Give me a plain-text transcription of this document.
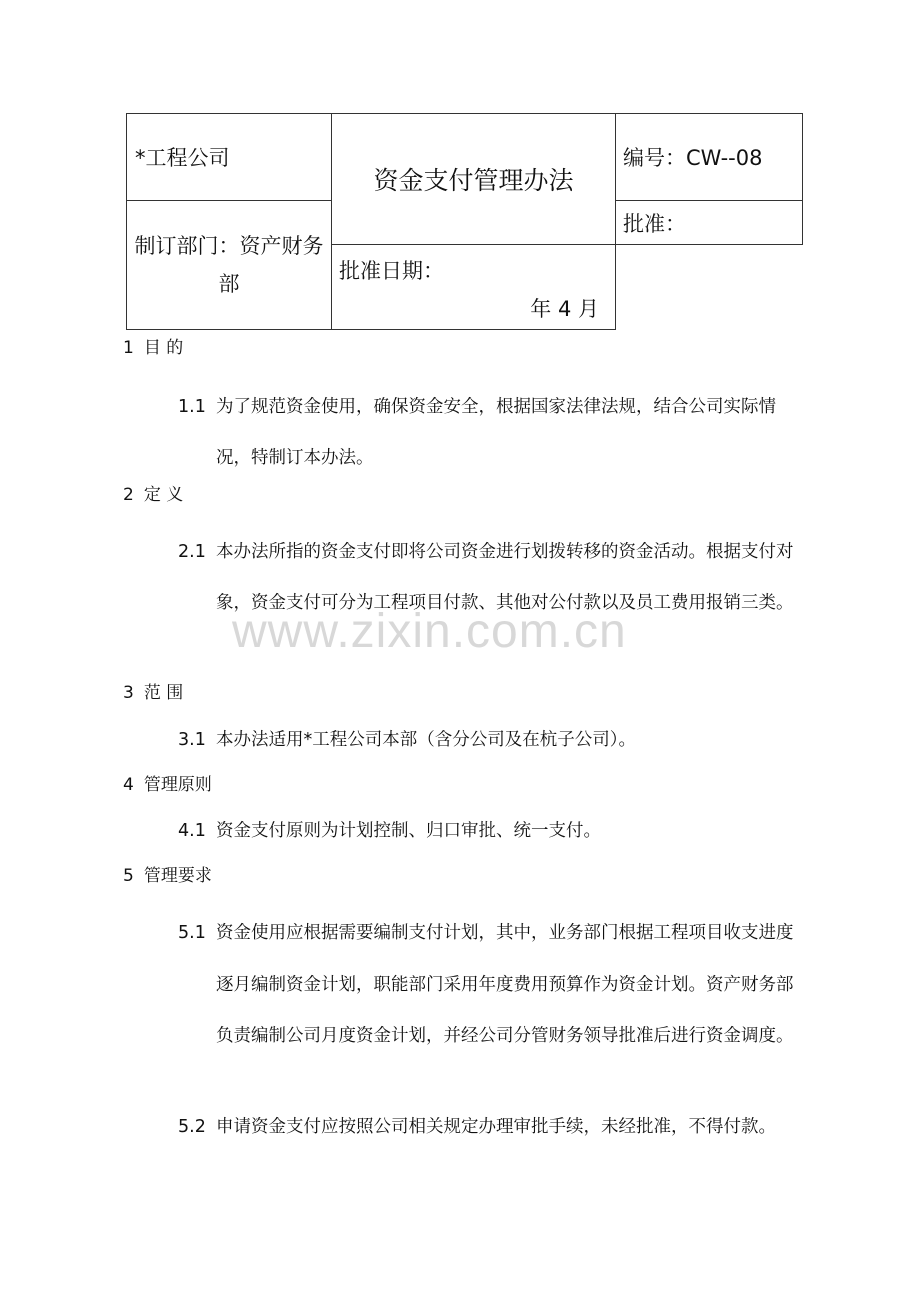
*工程公司	资金支付管理办法	编号：CW--08
制订部门：资产财务部		批准：

	批准日期：
年 4 月	
1 目 的
1.1 为了规范资金使用，确保资金安全，根据国家法律法规，结合公司实际情况，特制订本办法。
2 定 义
2.1 本办法所指的资金支付即将公司资金进行划拨转移的资金活动。根据支付对象，资金支付可分为工程项目付款、其他对公付款以及员工费用报销三类。
3 范 围
3.1 本办法适用*工程公司本部（含分公司及在杭子公司）。
4 管理原则
4.1 资金支付原则为计划控制、归口审批、统一支付。
5 管理要求
5.1 资金使用应根据需要编制支付计划，其中，业务部门根据工程项目收支进度逐月编制资金计划，职能部门采用年度费用预算作为资金计划。资产财务部负责编制公司月度资金计划，并经公司分管财务领导批准后进行资金调度。
5.2 申请资金支付应按照公司相关规定办理审批手续，未经批准，不得付款。
www.zixin.com.cn
